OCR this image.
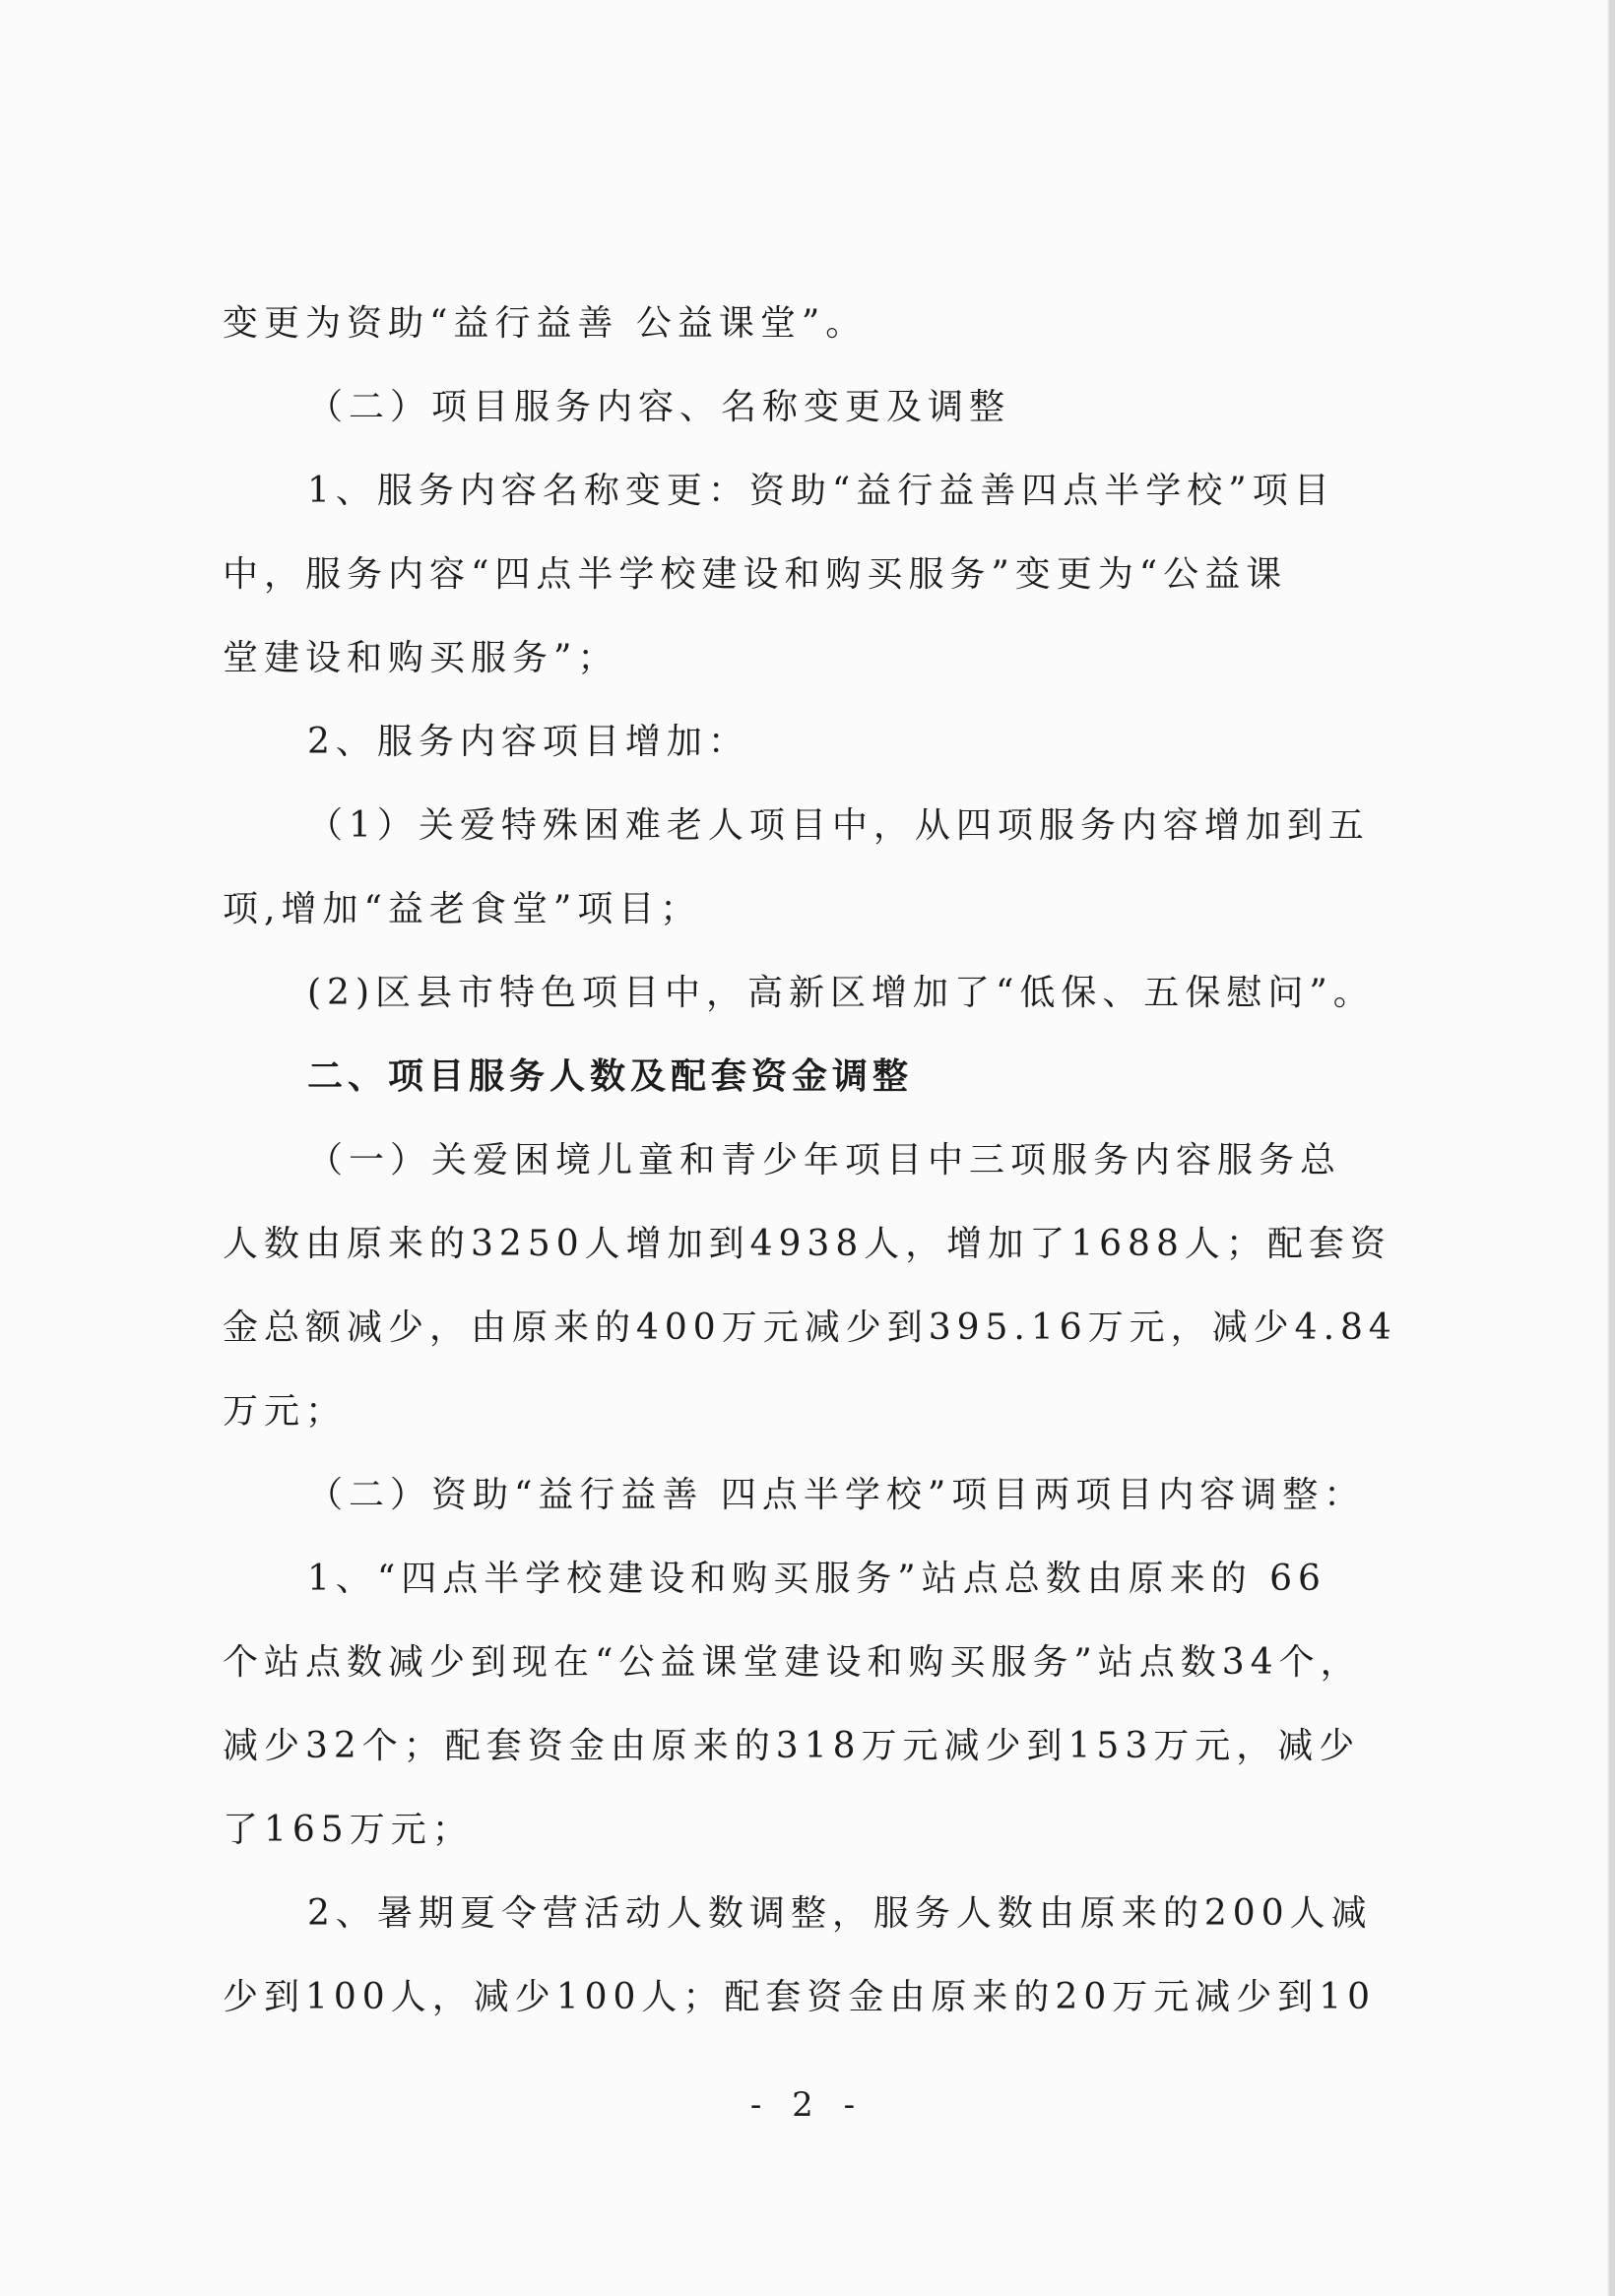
变更为资助“益行益善 公益课堂”。
（二）项目服务内容、名称变更及调整
1、服务内容名称变更：资助“益行益善四点半学校”项目
中，服务内容“四点半学校建设和购买服务”变更为“公益课
堂建设和购买服务”；
2、服务内容项目增加：
（1）关爱特殊困难老人项目中，从四项服务内容增加到五
项,增加“益老食堂”项目；
(2)区县市特色项目中，高新区增加了“低保、五保慰问”。
二、项目服务人数及配套资金调整
（一）关爱困境儿童和青少年项目中三项服务内容服务总
人数由原来的3250人增加到4938人，增加了1688人；配套资
金总额减少，由原来的400万元减少到395.16万元，减少4.84
万元；
（二）资助“益行益善 四点半学校”项目两项目内容调整：
1、“四点半学校建设和购买服务”站点总数由原来的 66
个站点数减少到现在“公益课堂建设和购买服务”站点数34个，
减少32个；配套资金由原来的318万元减少到153万元，减少
了165万元；
2、暑期夏令营活动人数调整，服务人数由原来的200人减
少到100人，减少100人；配套资金由原来的20万元减少到10
- 2 -
